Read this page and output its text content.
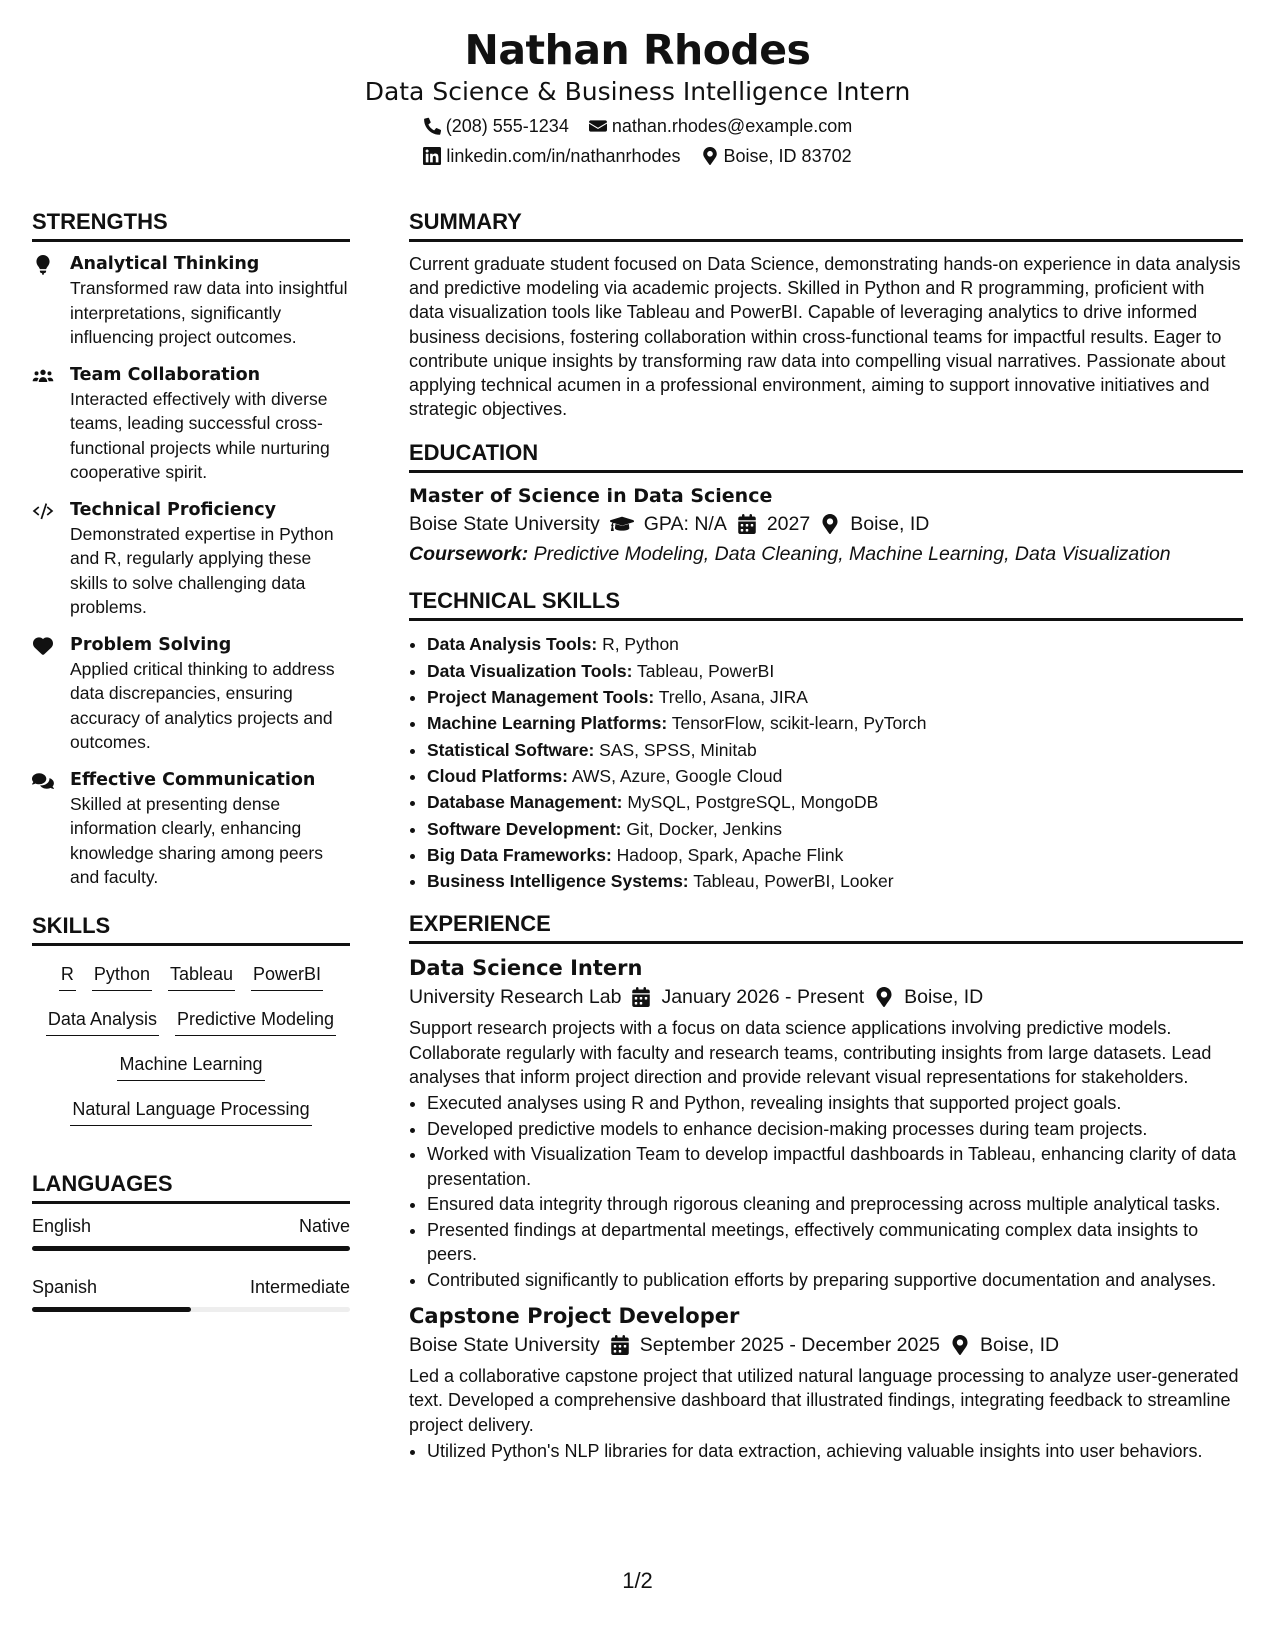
Nathan Rhodes
Data Science & Business Intelligence Intern
(208) 555-1234 nathan.rhodes@example.com
linkedin.com/in/nathanrhodes Boise, ID 83702
STRENGTHS
Analytical Thinking
Transformed raw data into insightful interpretations, significantly influencing project outcomes.
Team Collaboration
Interacted effectively with diverse teams, leading successful cross-functional projects while nurturing cooperative spirit.
Technical Proficiency
Demonstrated expertise in Python and R, regularly applying these skills to solve challenging data problems.
Problem Solving
Applied critical thinking to address data discrepancies, ensuring accuracy of analytics projects and outcomes.
Effective Communication
Skilled at presenting dense information clearly, enhancing knowledge sharing among peers and faculty.
SKILLS
R Python Tableau PowerBI
Data Analysis Predictive Modeling
Machine Learning
Natural Language Processing
LANGUAGES
English	Native
Spanish	Intermediate
SUMMARY
Current graduate student focused on Data Science, demonstrating hands-on experience in data analysis and predictive modeling via academic projects. Skilled in Python and R programming, proficient with data visualization tools like Tableau and PowerBI. Capable of leveraging analytics to drive informed business decisions, fostering collaboration within cross-functional teams for impactful results. Eager to contribute unique insights by transforming raw data into compelling visual narratives. Passionate about applying technical acumen in a professional environment, aiming to support innovative initiatives and strategic objectives.
EDUCATION
Master of Science in Data Science
Boise State University GPA: N/A 2027 Boise, ID
Coursework: Predictive Modeling, Data Cleaning, Machine Learning, Data Visualization
TECHNICAL SKILLS
• Data Analysis Tools: R, Python
• Data Visualization Tools: Tableau, PowerBI
• Project Management Tools: Trello, Asana, JIRA
• Machine Learning Platforms: TensorFlow, scikit-learn, PyTorch
• Statistical Software: SAS, SPSS, Minitab
• Cloud Platforms: AWS, Azure, Google Cloud
• Database Management: MySQL, PostgreSQL, MongoDB
• Software Development: Git, Docker, Jenkins
• Big Data Frameworks: Hadoop, Spark, Apache Flink
• Business Intelligence Systems: Tableau, PowerBI, Looker
EXPERIENCE
Data Science Intern
University Research Lab January 2026 - Present Boise, ID
Support research projects with a focus on data science applications involving predictive models. Collaborate regularly with faculty and research teams, contributing insights from large datasets. Lead analyses that inform project direction and provide relevant visual representations for stakeholders.
• Executed analyses using R and Python, revealing insights that supported project goals.
• Developed predictive models to enhance decision-making processes during team projects.
• Worked with Visualization Team to develop impactful dashboards in Tableau, enhancing clarity of data presentation.
• Ensured data integrity through rigorous cleaning and preprocessing across multiple analytical tasks.
• Presented findings at departmental meetings, effectively communicating complex data insights to peers.
• Contributed significantly to publication efforts by preparing supportive documentation and analyses.
Capstone Project Developer
Boise State University September 2025 - December 2025 Boise, ID
Led a collaborative capstone project that utilized natural language processing to analyze user-generated text. Developed a comprehensive dashboard that illustrated findings, integrating feedback to streamline project delivery.
• Utilized Python's NLP libraries for data extraction, achieving valuable insights into user behaviors.
1/2
